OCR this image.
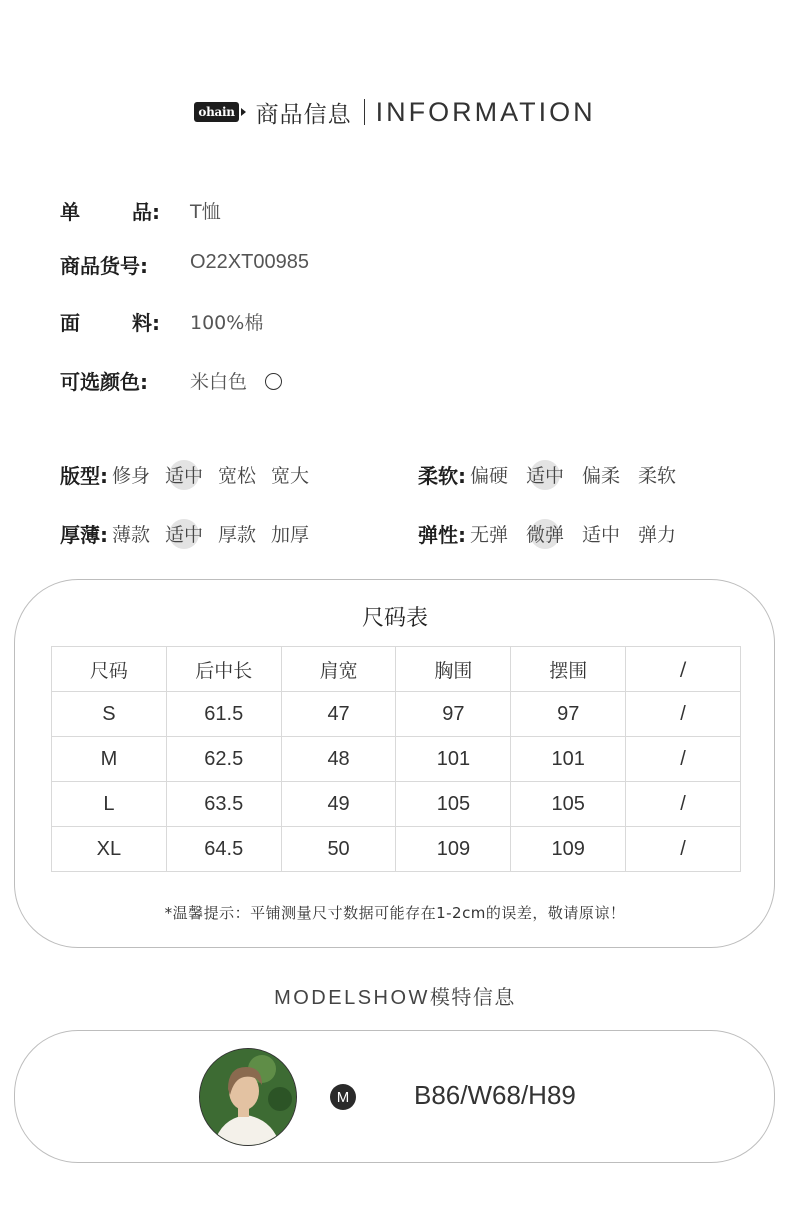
ohain 商品信息 INFORMATION
单	品: T恤
商品货号:	O22XT00985
面	料: 100%棉
可选颜色:	米白色
版型: 修身 适中 宽松 宽大	柔软: 偏硬 适中 偏柔 柔软
厚薄: 薄款 适中 厚款 加厚	弹性: 无弹 微弹 适中 弹力
尺码表
尺码	后中长	肩宽	胸围	摆围	/
S	61.5	47	97	97	/
M	62.5	48	101	101	/
L	63.5	49	105	105	/
XL	64.5	50	109	109	/
*温馨提示：平铺测量尺寸数据可能存在1-2cm的误差，敬请原谅！
MODELSHOW模特信息
M B86/W68/H89
